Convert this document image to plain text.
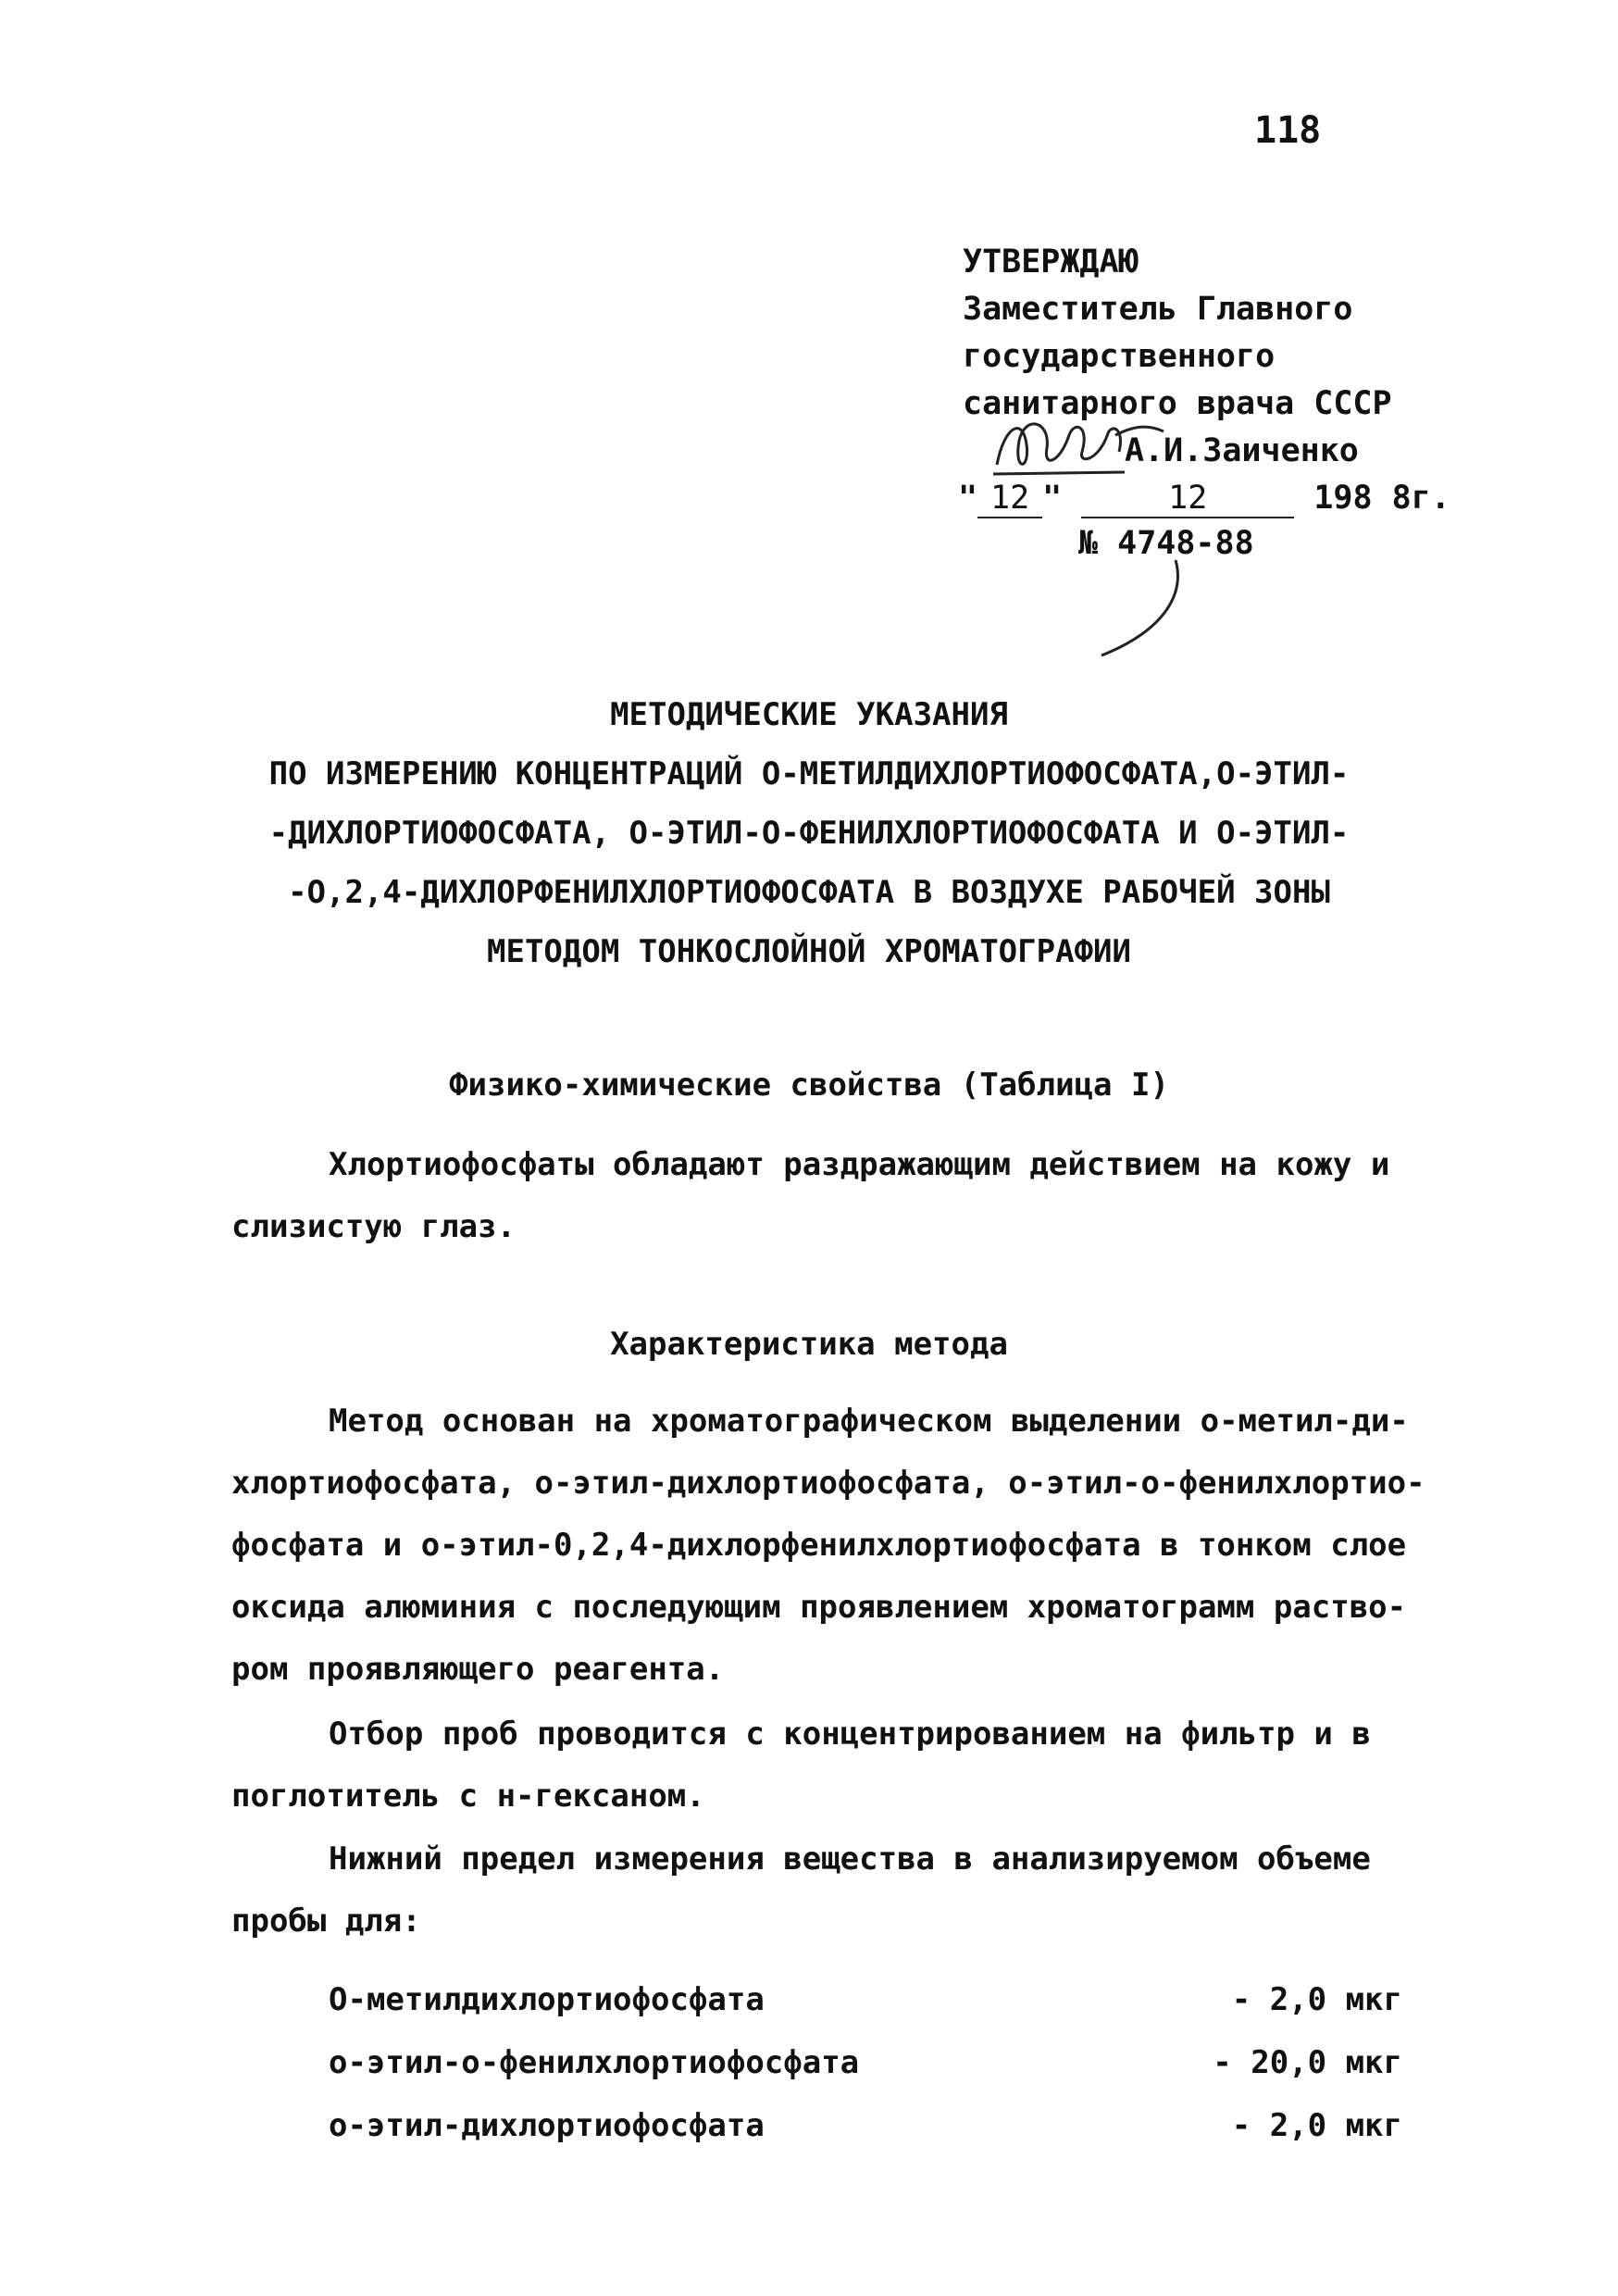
118
УТВЕРЖДАЮ
Заместитель Главного
государственного
санитарного врача СССР
А.И.Заиченко
" 12 "	12	198 8г.
№ 4748-88
МЕТОДИЧЕСКИЕ УКАЗАНИЯ
ПО ИЗМЕРЕНИЮ КОНЦЕНТРАЦИЙ О-МЕТИЛДИХЛОРТИОФОСФАТА,О-ЭТИЛ-
-ДИХЛОРТИОФОСФАТА, О-ЭТИЛ-О-ФЕНИЛХЛОРТИОФОСФАТА И О-ЭТИЛ-
-О,2,4-ДИХЛОРФЕНИЛХЛОРТИОФОСФАТА В ВОЗДУХЕ РАБОЧЕЙ ЗОНЫ
МЕТОДОМ ТОНКОСЛОЙНОЙ ХРОМАТОГРАФИИ
Физико-химические свойства (Таблица I)
Хлортиофосфаты обладают раздражающим действием на кожу и
слизистую глаз.
Характеристика метода
Метод основан на хроматографическом выделении о-метил-ди-
хлортиофосфата, о-этил-дихлортиофосфата, о-этил-о-фенилхлортио-
фосфата и о-этил-0,2,4-дихлорфенилхлортиофосфата в тонком слое
оксида алюминия с последующим проявлением хроматограмм раство-
ром проявляющего реагента.
Отбор проб проводится с концентрированием на фильтр и в
поглотитель с н-гексаном.
Нижний предел измерения вещества в анализируемом объеме
пробы для:
О-метилдихлортиофосфата	- 2,0 мкг
о-этил-о-фенилхлортиофосфата	- 20,0 мкг
о-этил-дихлортиофосфата	- 2,0 мкг
